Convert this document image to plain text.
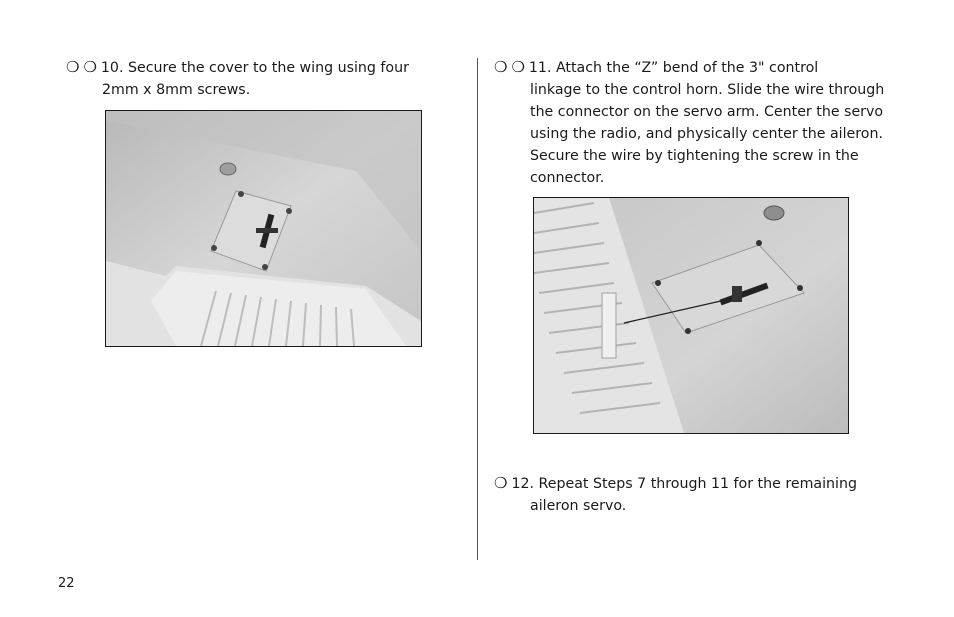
❍ ❍ 10. Secure the cover to the wing using four
2mm x 8mm screws.
❍ ❍ 11. Attach the “Z” bend of the 3" control
linkage to the control horn. Slide the wire through
the connector on the servo arm. Center the servo
using the radio, and physically center the aileron.
Secure the wire by tightening the screw in the
connector.
❍ 12. Repeat Steps 7 through 11 for the remaining
aileron servo.
22
